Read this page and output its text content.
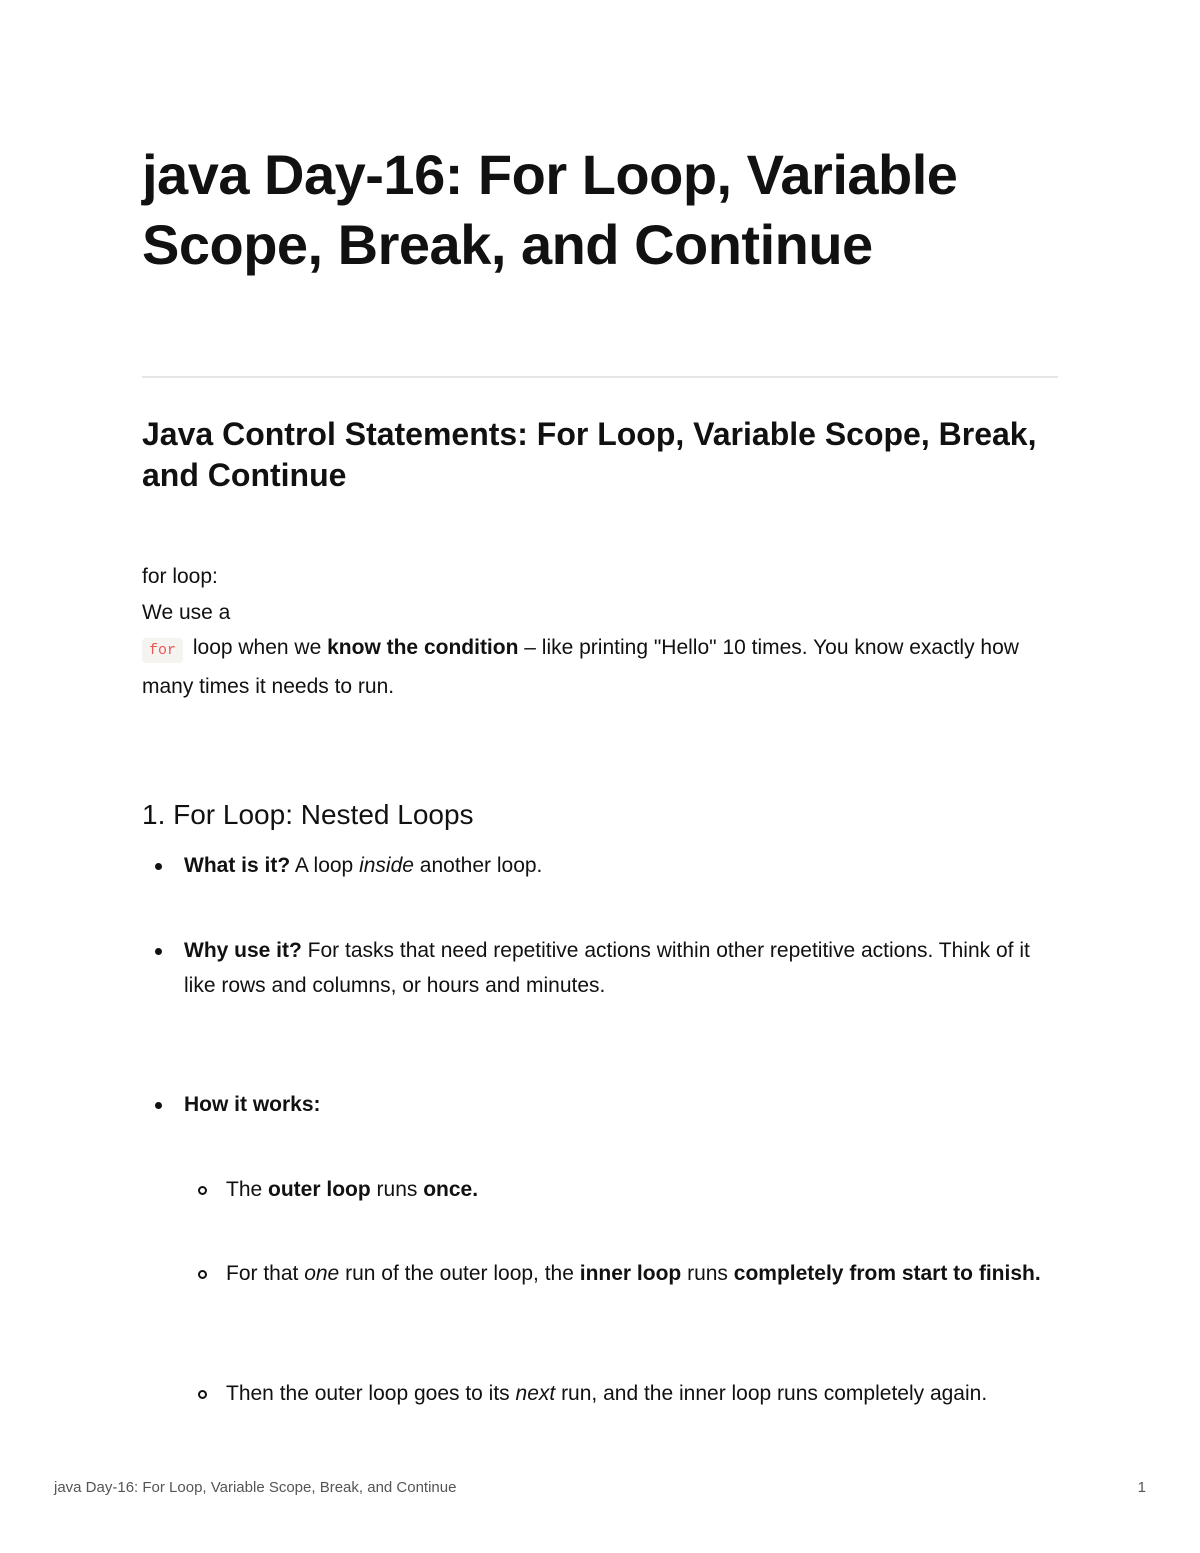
java Day-16: For Loop, Variable Scope, Break, and Continue
Java Control Statements: For Loop, Variable Scope, Break, and Continue

for loop:
We use a
for loop when we know the condition – like printing "Hello" 10 times. You know exactly how many times it needs to run.

1. For Loop: Nested Loops
What is it? A loop inside another loop.
Why use it? For tasks that need repetitive actions within other repetitive actions. Think of it like rows and columns, or hours and minutes.
How it works:
The outer loop runs once.
For that one run of the outer loop, the inner loop runs completely from start to finish.
Then the outer loop goes to its next run, and the inner loop runs completely again.
java Day-16: For Loop, Variable Scope, Break, and Continue	1
